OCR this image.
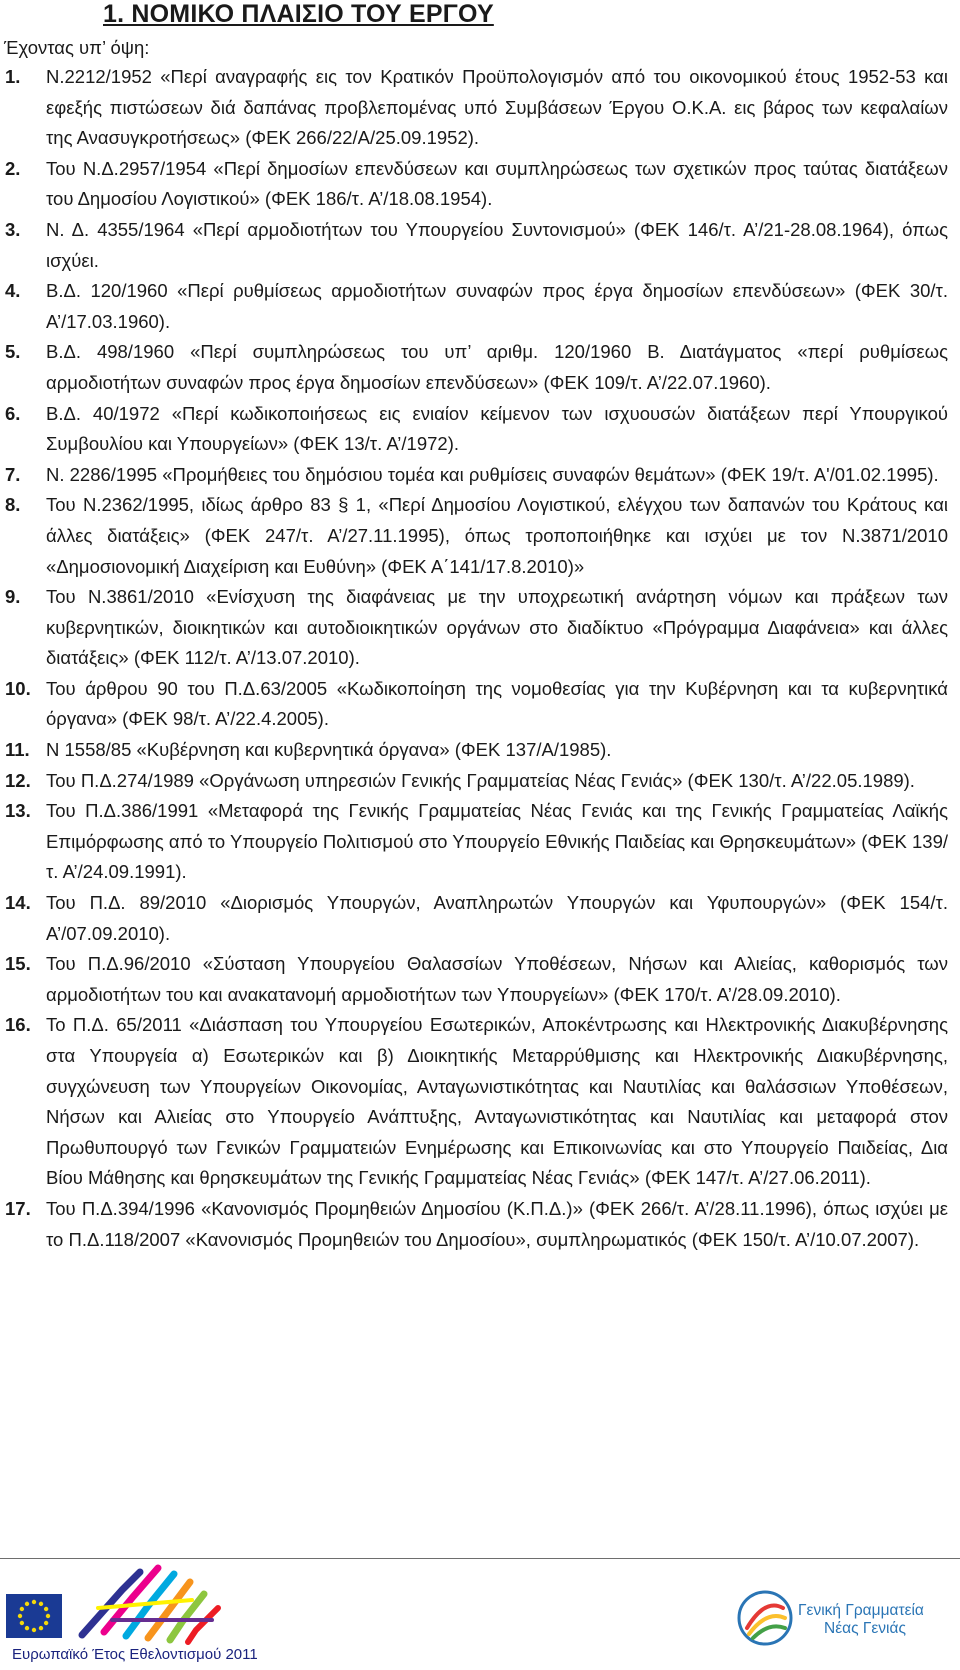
1. ΝΟΜΙΚΟ ΠΛΑΙΣΙΟ ΤΟΥ ΕΡΓΟΥ
Έχοντας υπ’ όψη:
1.	Ν.2212/1952 «Περί αναγραφής εις τον Κρατικόν Προϋπολογισμόν από του οικονομικού έτους 1952-53 και εφεξής πιστώσεων διά δαπάνας προβλεπομένας υπό Συμβάσεων Έργου Ο.Κ.Α. εις βάρος των κεφαλαίων της Ανασυγκροτήσεως» (ΦΕΚ 266/22/Α/25.09.1952).
2.	Του Ν.Δ.2957/1954 «Περί δημοσίων επενδύσεων και συμπληρώσεως των σχετικών προς ταύτας διατάξεων του Δημοσίου Λογιστικού» (ΦΕΚ 186/τ. Α’/18.08.1954).
3.	Ν. Δ. 4355/1964 «Περί αρμοδιοτήτων του Υπουργείου Συντονισμού» (ΦΕΚ 146/τ. Α’/21-28.08.1964), όπως ισχύει.
4.	Β.Δ. 120/1960 «Περί ρυθμίσεως αρμοδιοτήτων συναφών προς έργα δημοσίων επενδύσεων» (ΦΕΚ 30/τ. Α’/17.03.1960).
5.	Β.Δ. 498/1960 «Περί συμπληρώσεως του υπ’ αριθμ. 120/1960 Β. Διατάγματος «περί ρυθμίσεως αρμοδιοτήτων συναφών προς έργα δημοσίων επενδύσεων» (ΦΕΚ 109/τ. Α’/22.07.1960).
6.	Β.Δ. 40/1972 «Περί κωδικοποιήσεως εις ενιαίον κείμενον των ισχυουσών διατάξεων περί Υπουργικού Συμβουλίου και Υπουργείων» (ΦΕΚ 13/τ. Α’/1972).
7.	Ν. 2286/1995 «Προμήθειες του δημόσιου τομέα και ρυθμίσεις συναφών θεμάτων» (ΦΕΚ 19/τ. Α'/01.02.1995).
8.	Του Ν.2362/1995, ιδίως άρθρο 83 § 1, «Περί Δημοσίου Λογιστικού, ελέγχου των δαπανών του Κράτους και άλλες διατάξεις» (ΦΕΚ 247/τ. Α’/27.11.1995), όπως τροποποιήθηκε και ισχύει με τον Ν.3871/2010 «Δημοσιονομική Διαχείριση και Ευθύνη» (ΦΕΚ Α΄141/17.8.2010)»
9.	Του Ν.3861/2010 «Ενίσχυση της διαφάνειας με την υποχρεωτική ανάρτηση νόμων και πράξεων των κυβερνητικών, διοικητικών και αυτοδιοικητικών οργάνων στο διαδίκτυο «Πρόγραμμα Διαφάνεια» και άλλες διατάξεις» (ΦΕΚ 112/τ. Α’/13.07.2010).
10. Του άρθρου 90 του Π.Δ.63/2005 «Κωδικοποίηση της νομοθεσίας για την Κυβέρνηση και τα κυβερνητικά όργανα» (ΦΕΚ 98/τ. Α’/22.4.2005).
11. Ν 1558/85 «Κυβέρνηση και κυβερνητικά όργανα» (ΦΕΚ 137/Α/1985).
12. Του Π.Δ.274/1989 «Οργάνωση υπηρεσιών Γενικής Γραμματείας Νέας Γενιάς» (ΦΕΚ 130/τ. Α’/22.05.1989).
13. Του Π.Δ.386/1991 «Μεταφορά της Γενικής Γραμματείας Νέας Γενιάς και της Γενικής Γραμματείας Λαϊκής Επιμόρφωσης από το Υπουργείο Πολιτισμού στο Υπουργείο Εθνικής Παιδείας και Θρησκευμάτων» (ΦΕΚ 139/τ. Α’/24.09.1991).
14. Του Π.Δ. 89/2010 «Διορισμός Υπουργών, Αναπληρωτών Υπουργών και Υφυπουργών» (ΦΕΚ 154/τ. Α’/07.09.2010).
15. Του Π.Δ.96/2010 «Σύσταση Υπουργείου Θαλασσίων Υποθέσεων, Νήσων και Αλιείας, καθορισμός των αρμοδιοτήτων του και ανακατανομή αρμοδιοτήτων των Υπουργείων» (ΦΕΚ 170/τ. Α’/28.09.2010).
16. Το Π.Δ. 65/2011 «Διάσπαση του Υπουργείου Εσωτερικών, Αποκέντρωσης και Ηλεκτρονικής Διακυβέρνησης στα Υπουργεία α) Εσωτερικών και β) Διοικητικής Μεταρρύθμισης και Ηλεκτρονικής Διακυβέρνησης, συγχώνευση των Υπουργείων Οικονομίας, Ανταγωνιστικότητας και Ναυτιλίας και θαλάσσιων Υποθέσεων, Νήσων και Αλιείας στο Υπουργείο Ανάπτυξης, Ανταγωνιστικότητας και Ναυτιλίας και μεταφορά στον Πρωθυπουργό των Γενικών Γραμματειών Ενημέρωσης και Επικοινωνίας και στο Υπουργείο Παιδείας, Δια Βίου Μάθησης και θρησκευμάτων της Γενικής Γραμματείας Νέας Γενιάς» (ΦΕΚ 147/τ. Α’/27.06.2011).
17. Του Π.Δ.394/1996 «Κανονισμός Προμηθειών Δημοσίου (Κ.Π.Δ.)» (ΦΕΚ 266/τ. Α’/28.11.1996), όπως ισχύει με το Π.Δ.118/2007 «Κανονισμός Προμηθειών του Δημοσίου», συμπληρωματικός (ΦΕΚ 150/τ. Α’/10.07.2007).
Ευρωπαϊκό Έτος Εθελοντισμού 2011
Γενική Γραμματεία
Νέας Γενιάς
